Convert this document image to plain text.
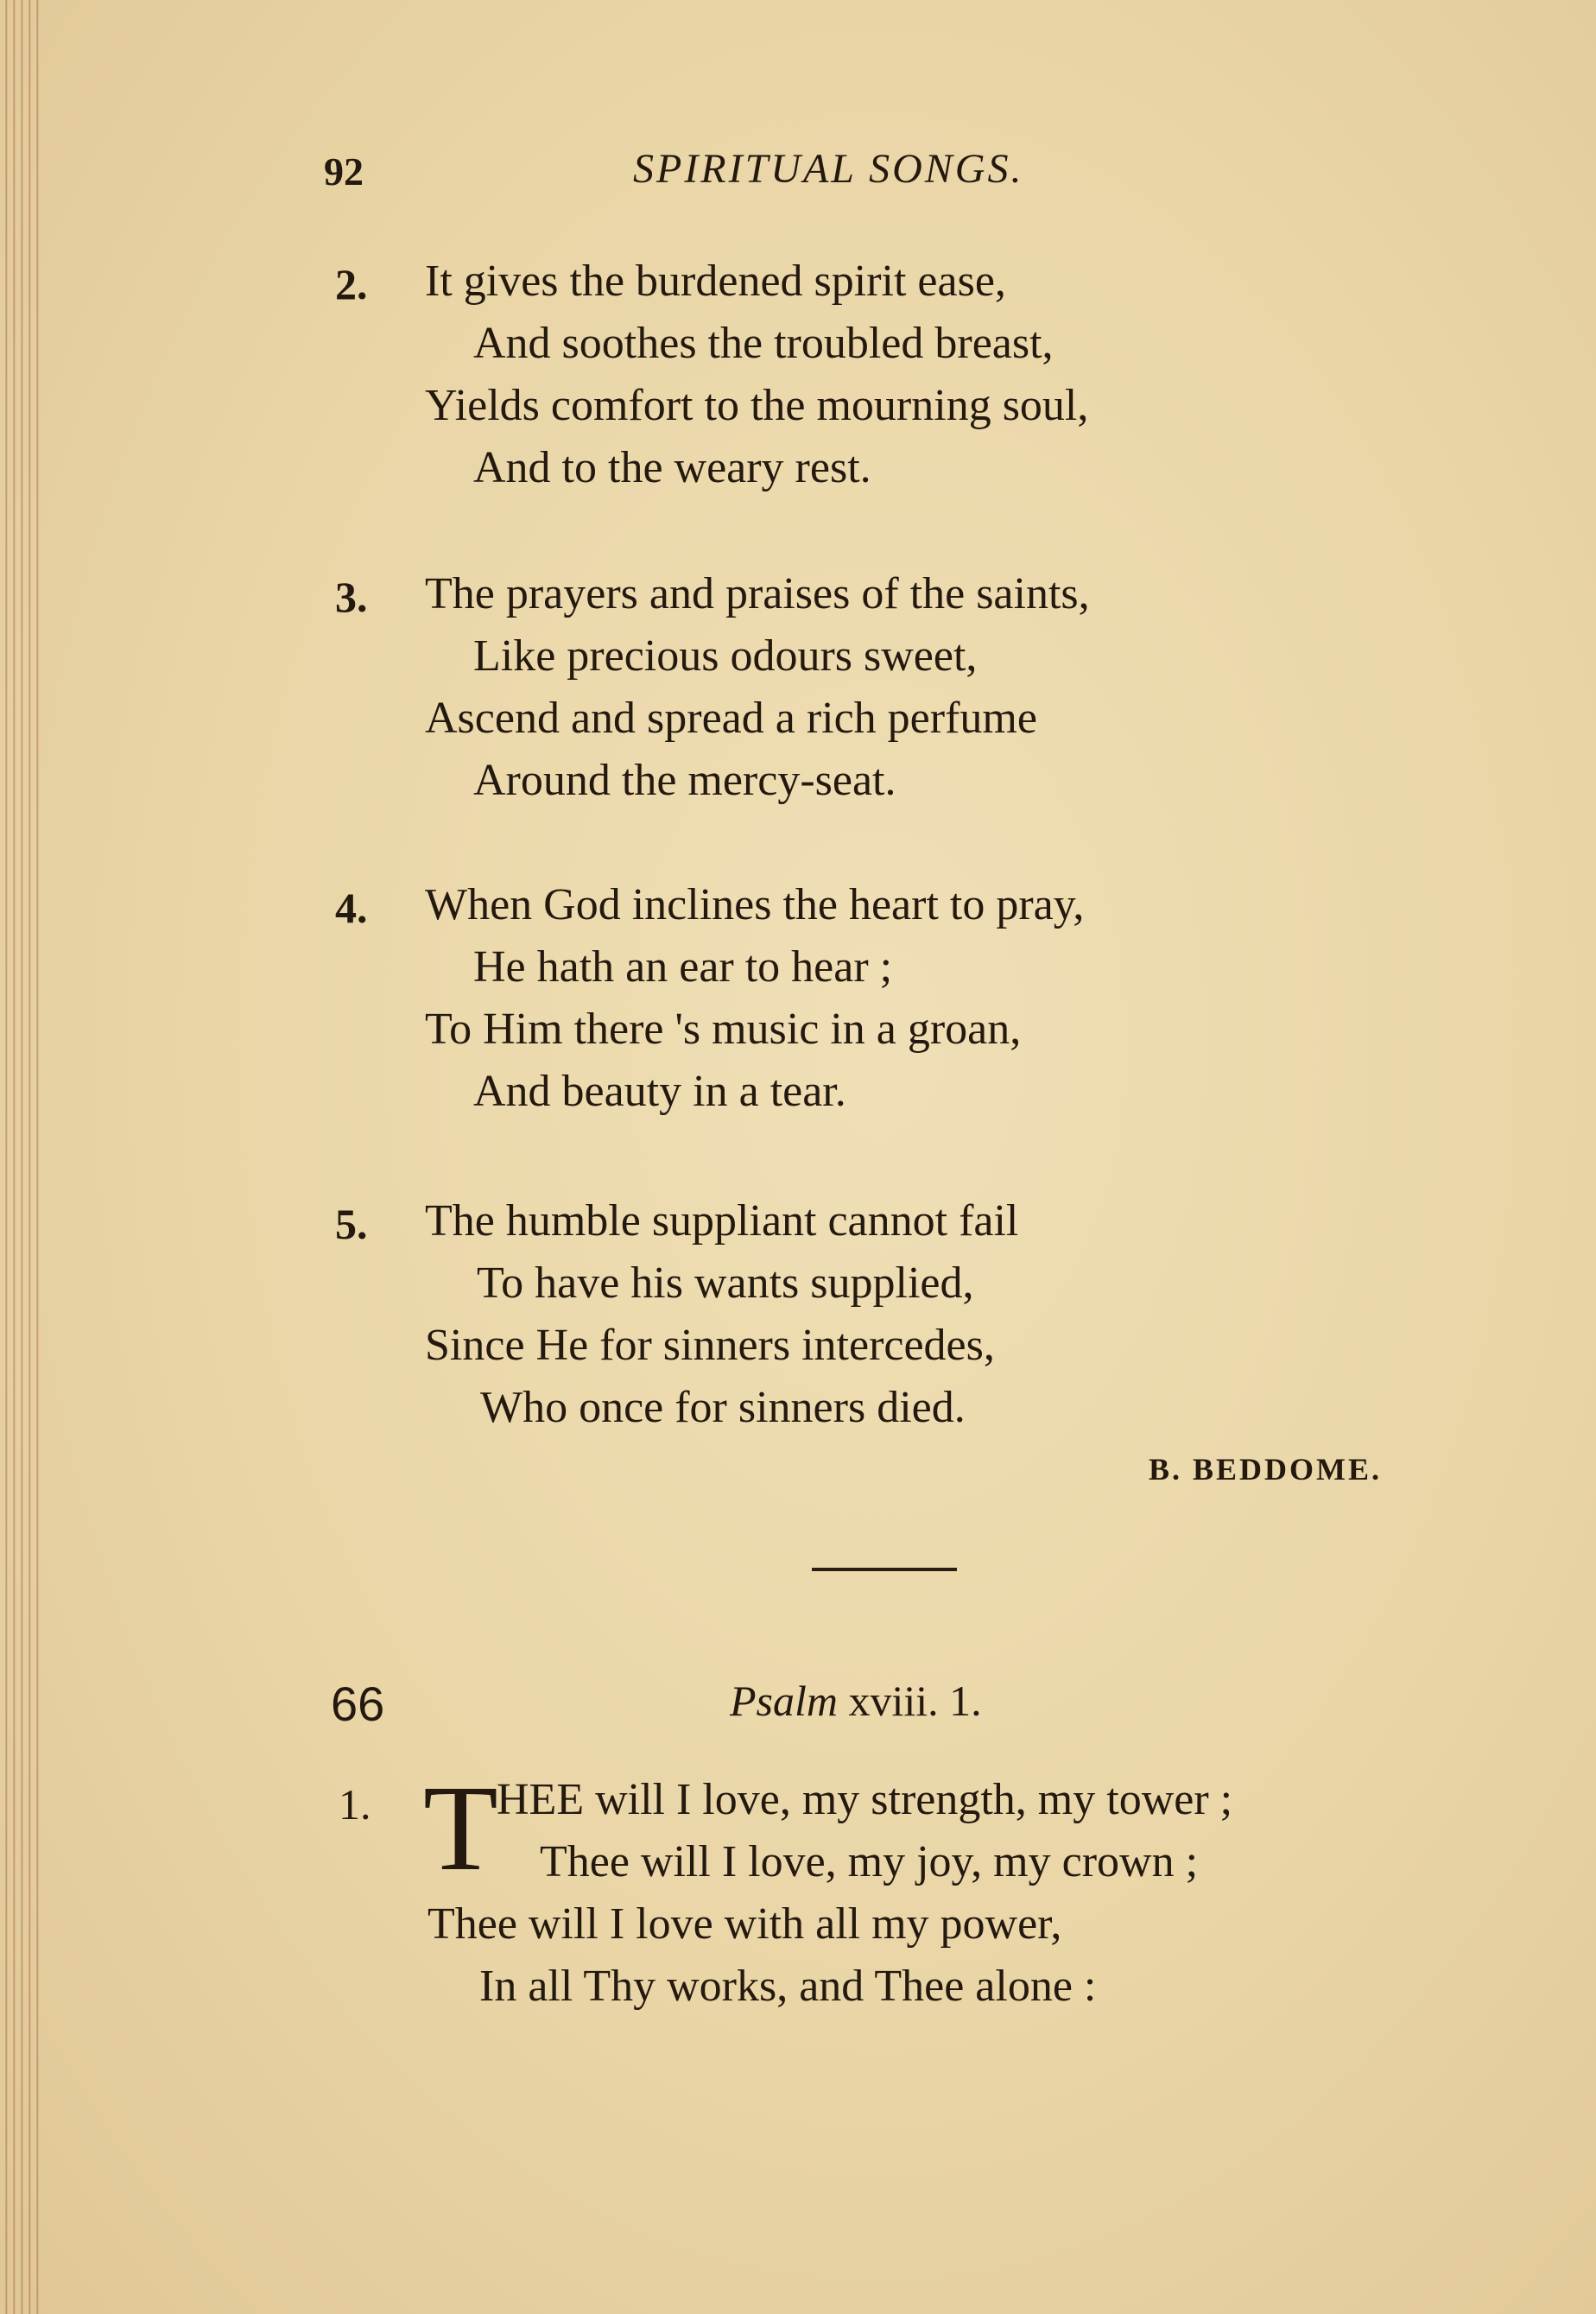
92	SPIRITUAL SONGS.
2. It gives the burdened spirit ease,
And soothes the troubled breast,
Yields comfort to the mourning soul,
And to the weary rest.
3. The prayers and praises of the saints,
Like precious odours sweet,
Ascend and spread a rich perfume
Around the mercy-seat.
4. When God inclines the heart to pray,
He hath an ear to hear ;
To Him there 's music in a groan,
And beauty in a tear.
5. The humble suppliant cannot fail
To have his wants supplied,
Since He for sinners intercedes,
Who once for sinners died.
B. BEDDOME.
66	Psalm xviii. 1.
1. T
HEE will I love, my strength, my tower ;
Thee will I love, my joy, my crown ;
Thee will I love with all my power,
In all Thy works, and Thee alone :
